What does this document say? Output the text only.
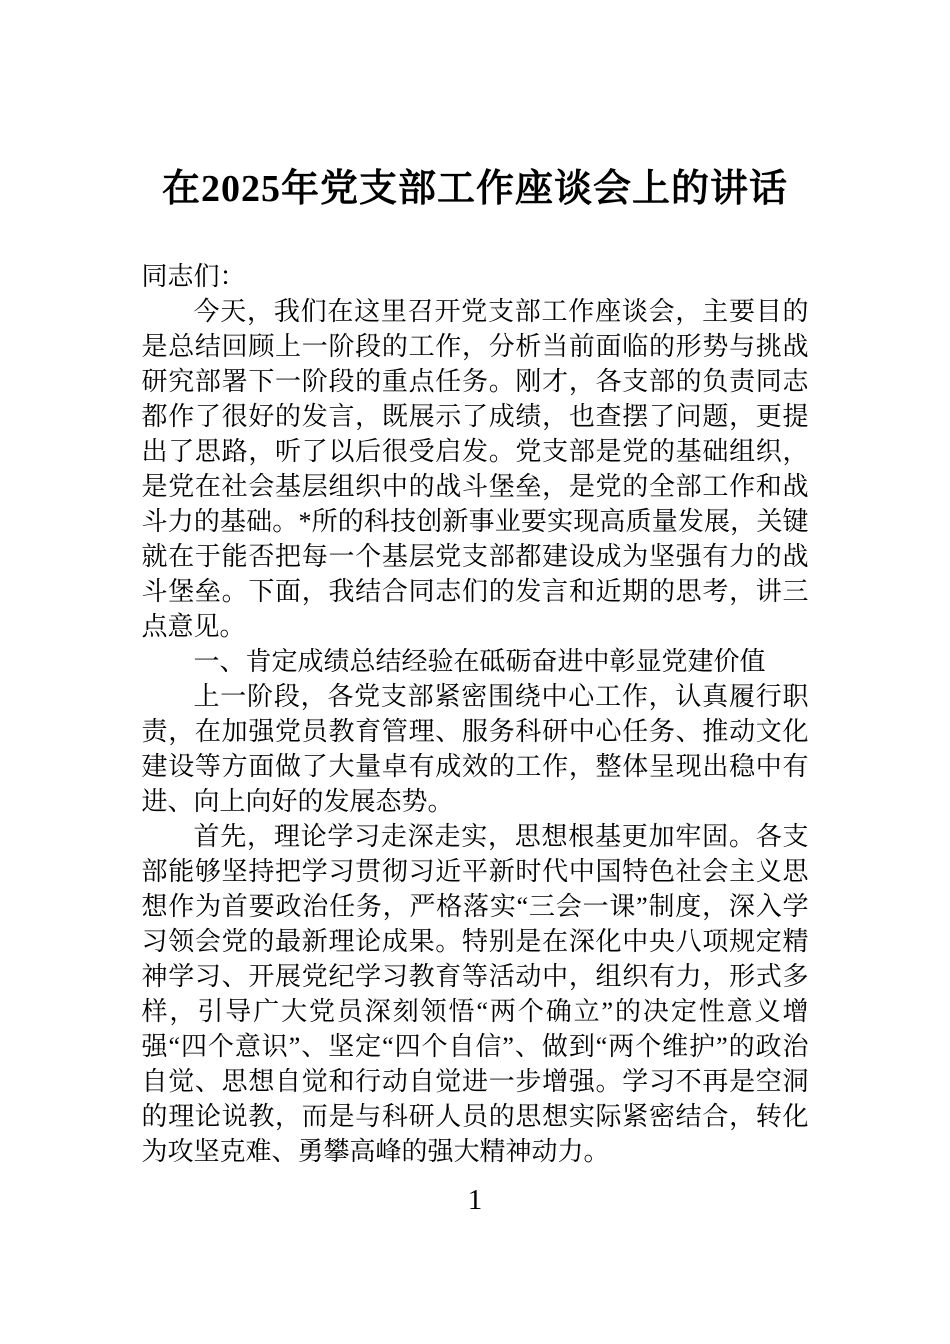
在2025年党支部工作座谈会上的讲话

同志们：

今天，我们在这里召开党支部工作座谈会，主要目的是总结回顾上一阶段的工作，分析当前面临的形势与挑战研究部署下一阶段的重点任务。刚才，各支部的负责同志都作了很好的发言，既展示了成绩，也查摆了问题，更提出了思路，听了以后很受启发。党支部是党的基础组织，是党在社会基层组织中的战斗堡垒，是党的全部工作和战斗力的基础。*所的科技创新事业要实现高质量发展，关键就在于能否把每一个基层党支部都建设成为坚强有力的战斗堡垒。下面，我结合同志们的发言和近期的思考，讲三点意见。

一、肯定成绩总结经验在砥砺奋进中彰显党建价值

上一阶段，各党支部紧密围绕中心工作，认真履行职责，在加强党员教育管理、服务科研中心任务、推动文化建设等方面做了大量卓有成效的工作，整体呈现出稳中有进、向上向好的发展态势。

首先，理论学习走深走实，思想根基更加牢固。各支部能够坚持把学习贯彻习近平新时代中国特色社会主义思想作为首要政治任务，严格落实“三会一课”制度，深入学习领会党的最新理论成果。特别是在深化中央八项规定精神学习、开展党纪学习教育等活动中，组织有力，形式多样，引导广大党员深刻领悟“两个确立”的决定性意义增强“四个意识”、坚定“四个自信”、做到“两个维护”的政治自觉、思想自觉和行动自觉进一步增强。学习不再是空洞的理论说教，而是与科研人员的思想实际紧密结合，转化为攻坚克难、勇攀高峰的强大精神动力。

1
